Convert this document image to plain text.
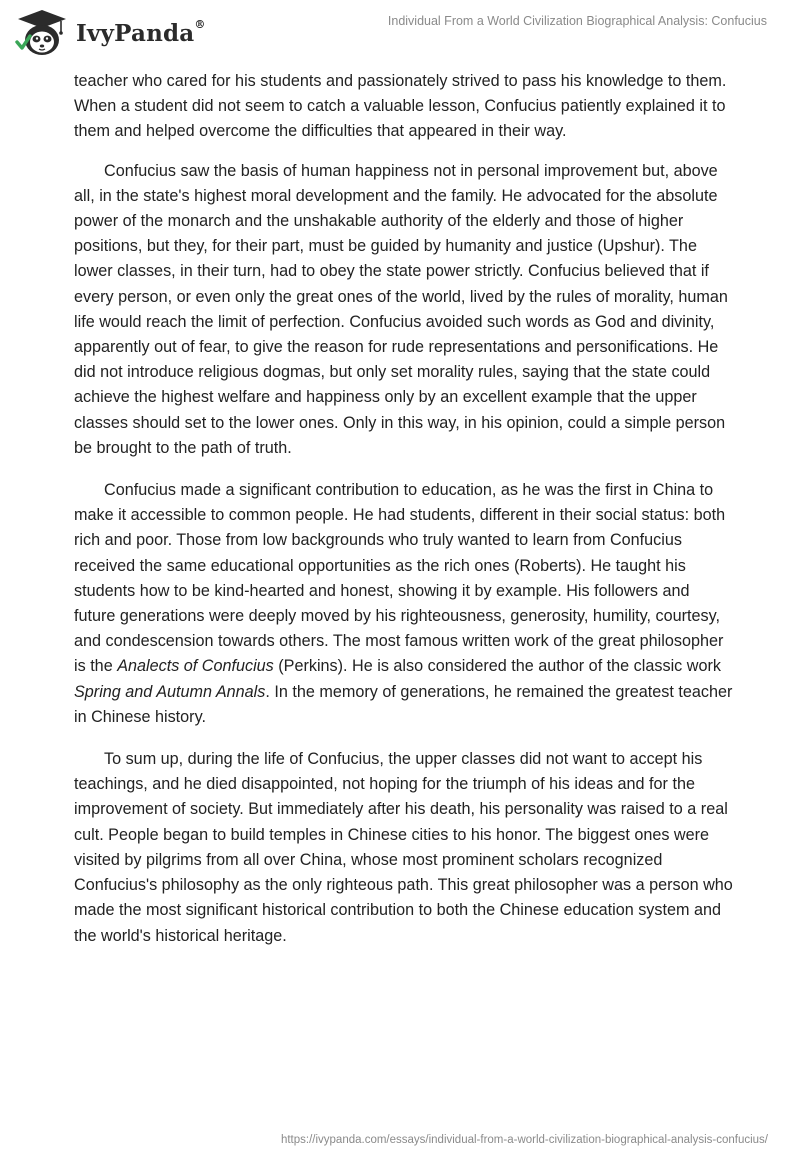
IvyPanda®	Individual From a World Civilization Biographical Analysis: Confucius

teacher who cared for his students and passionately strived to pass his knowledge to them. When a student did not seem to catch a valuable lesson, Confucius patiently explained it to them and helped overcome the difficulties that appeared in their way.

Confucius saw the basis of human happiness not in personal improvement but, above all, in the state's highest moral development and the family. He advocated for the absolute power of the monarch and the unshakable authority of the elderly and those of higher positions, but they, for their part, must be guided by humanity and justice (Upshur). The lower classes, in their turn, had to obey the state power strictly. Confucius believed that if every person, or even only the great ones of the world, lived by the rules of morality, human life would reach the limit of perfection. Confucius avoided such words as God and divinity, apparently out of fear, to give the reason for rude representations and personifications. He did not introduce religious dogmas, but only set morality rules, saying that the state could achieve the highest welfare and happiness only by an excellent example that the upper classes should set to the lower ones. Only in this way, in his opinion, could a simple person be brought to the path of truth.

Confucius made a significant contribution to education, as he was the first in China to make it accessible to common people. He had students, different in their social status: both rich and poor. Those from low backgrounds who truly wanted to learn from Confucius received the same educational opportunities as the rich ones (Roberts). He taught his students how to be kind-hearted and honest, showing it by example. His followers and future generations were deeply moved by his righteousness, generosity, humility, courtesy, and condescension towards others. The most famous written work of the great philosopher is the Analects of Confucius (Perkins). He is also considered the author of the classic work Spring and Autumn Annals. In the memory of generations, he remained the greatest teacher in Chinese history.

To sum up, during the life of Confucius, the upper classes did not want to accept his teachings, and he died disappointed, not hoping for the triumph of his ideas and for the improvement of society. But immediately after his death, his personality was raised to a real cult. People began to build temples in Chinese cities to his honor. The biggest ones were visited by pilgrims from all over China, whose most prominent scholars recognized Confucius's philosophy as the only righteous path. This great philosopher was a person who made the most significant historical contribution to both the Chinese education system and the world's historical heritage.

https://ivypanda.com/essays/individual-from-a-world-civilization-biographical-analysis-confucius/
